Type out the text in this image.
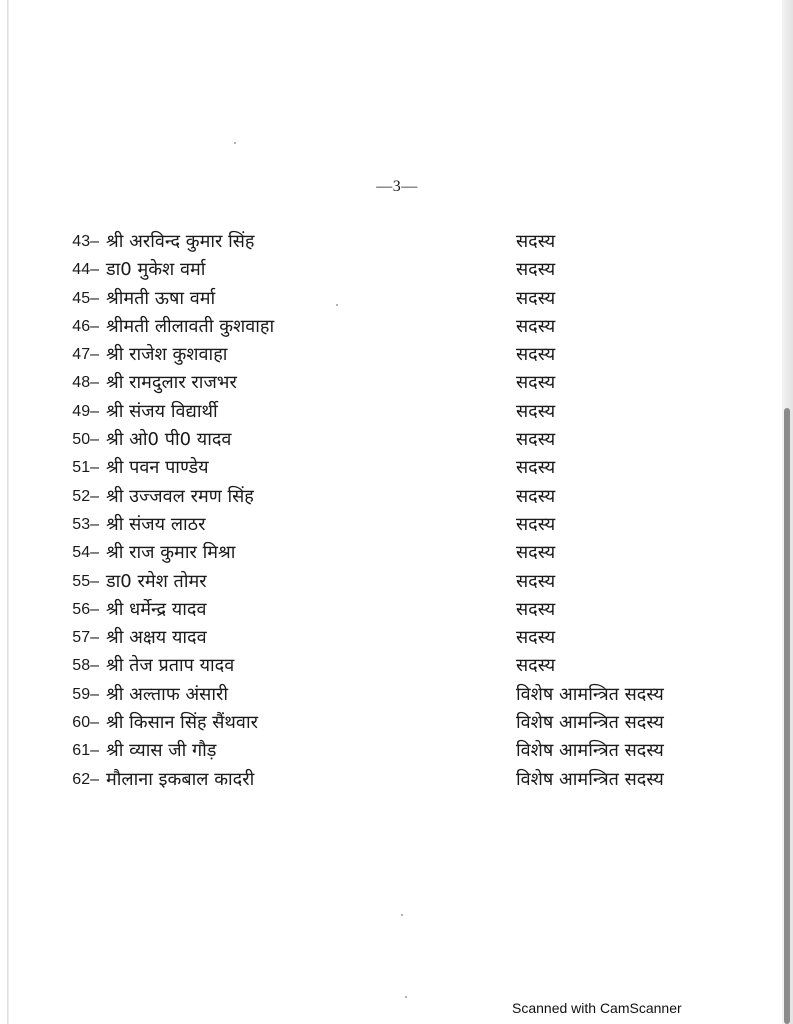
—3—
43– श्री अरविन्द कुमार सिंह	सदस्य
44– डा0 मुकेश वर्मा	सदस्य
45– श्रीमती ऊषा वर्मा	सदस्य
46– श्रीमती लीलावती कुशवाहा	सदस्य
47– श्री राजेश कुशवाहा	सदस्य
48– श्री रामदुलार राजभर	सदस्य
49– श्री संजय विद्यार्थी	सदस्य
50– श्री ओ0 पी0 यादव	सदस्य
51– श्री पवन पाण्डेय	सदस्य
52– श्री उज्जवल रमण सिंह	सदस्य
53– श्री संजय लाठर	सदस्य
54– श्री राज कुमार मिश्रा	सदस्य
55– डा0 रमेश तोमर	सदस्य
56– श्री धर्मेन्द्र यादव	सदस्य
57– श्री अक्षय यादव	सदस्य
58– श्री तेज प्रताप यादव	सदस्य
59– श्री अल्ताफ अंसारी	विशेष आमन्त्रित सदस्य
60– श्री किसान सिंह सैंथवार	विशेष आमन्त्रित सदस्य
61– श्री व्यास जी गौड़	विशेष आमन्त्रित सदस्य
62– मौलाना इकबाल कादरी	विशेष आमन्त्रित सदस्य
Scanned with CamScanner
